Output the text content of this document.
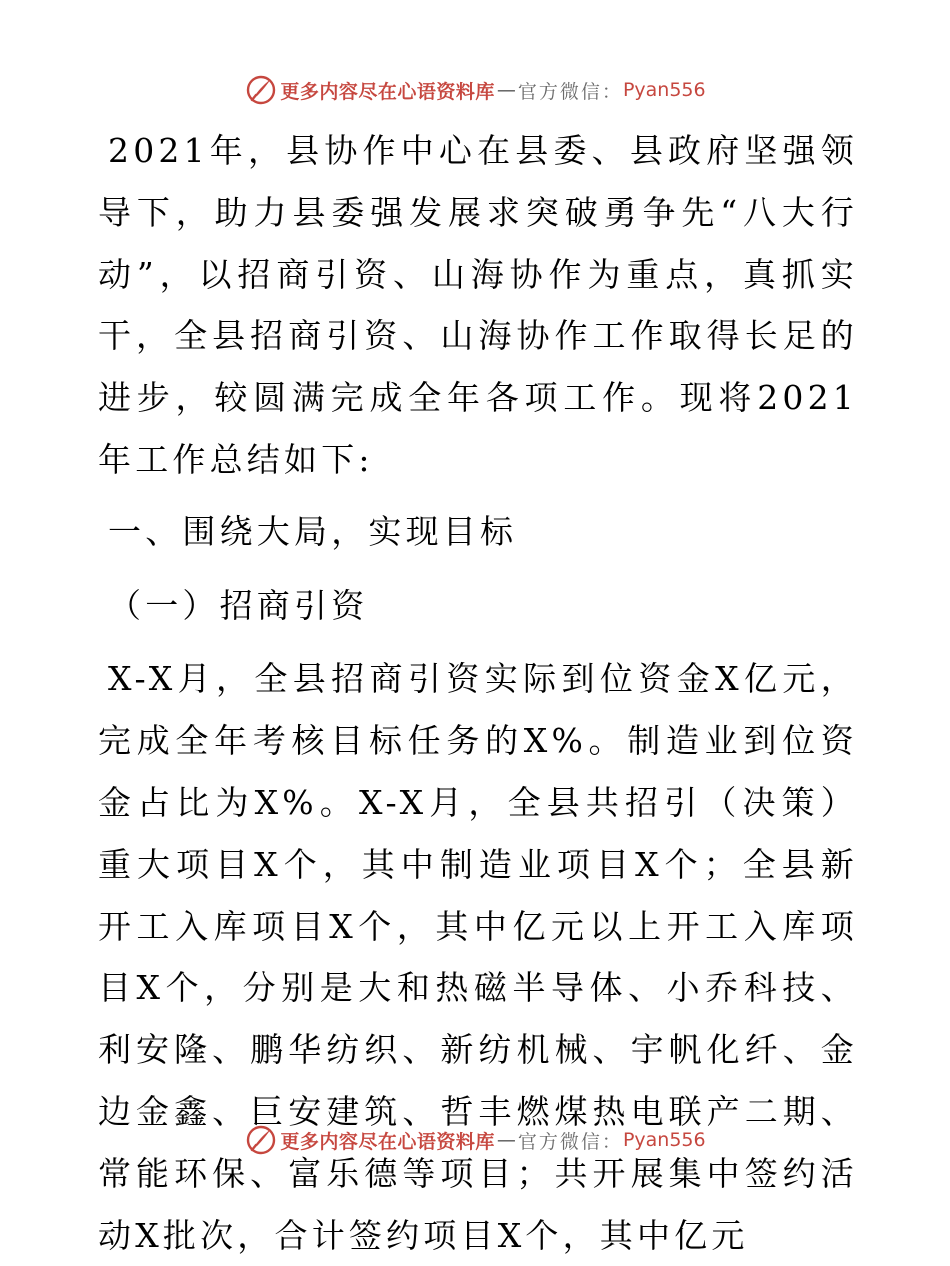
更多内容尽在心语资料库 — 官方微信： Pyan556

2021年，县协作中心在县委、县政府坚强领导下，助力县委强发展求突破勇争先“八大行动”，以招商引资、山海协作为重点，真抓实干，全县招商引资、山海协作工作取得长足的进步，较圆满完成全年各项工作。现将2021年工作总结如下:

一、围绕大局，实现目标
（一）招商引资

X-X月，全县招商引资实际到位资金X亿元，完成全年考核目标任务的X%。制造业到位资金占比为X%。X-X月，全县共招引（决策）重大项目X个，其中制造业项目X个；全县新开工入库项目X个，其中亿元以上开工入库项目X个，分别是大和热磁半导体、小乔科技、利安隆、鹏华纺织、新纺机械、宇帆化纤、金边金鑫、巨安建筑、哲丰燃煤热电联产二期、常能环保、富乐德等项目；共开展集中签约活动X批次，合计签约项目X个，其中亿元

更多内容尽在心语资料库 — 官方微信： Pyan556
